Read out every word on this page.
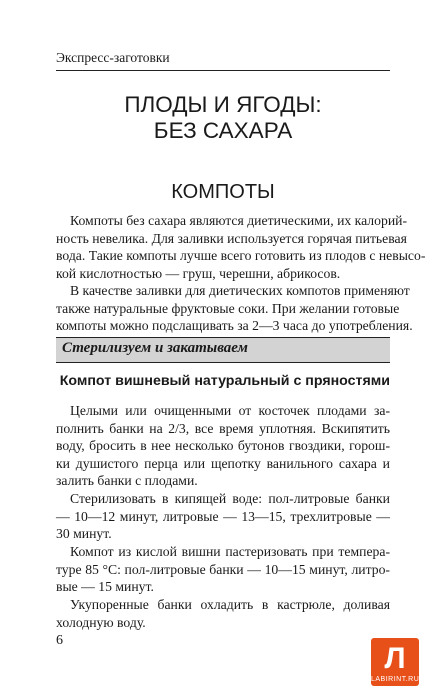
Экспресс-заготовки
ПЛОДЫ И ЯГОДЫ:
БЕЗ САХАРА
КОМПОТЫ
Компоты без сахара являются диетическими, их калорий-
ность невелика. Для заливки используется горячая питьевая
вода. Такие компоты лучше всего готовить из плодов с невысо-
кой кислотностью — груш, черешни, абрикосов.
В качестве заливки для диетических компотов применяют
также натуральные фруктовые соки. При желании готовые
компоты можно подслащивать за 2—3 часа до употребления.
Стерилизуем и закатываем
Компот вишневый натуральный с пряностями
Целыми или очищенными от косточек плодами за-
полнить банки на 2/3, все время уплотняя. Вскипятить
воду, бросить в нее несколько бутонов гвоздики, горош-
ки душистого перца или щепотку ванильного сахара и
залить банки с плодами.
Стерилизовать в кипящей воде: пол-литровые банки
— 10—12 минут, литровые — 13—15, трехлитровые —
30 минут.
Компот из кислой вишни пастеризовать при темпера-
туре 85 °С: пол-литровые банки — 10—15 минут, литро-
вые — 15 минут.
Укупоренные банки охладить в кастрюле, доливая
холодную воду.
6
Л
LABIRINT.RU
